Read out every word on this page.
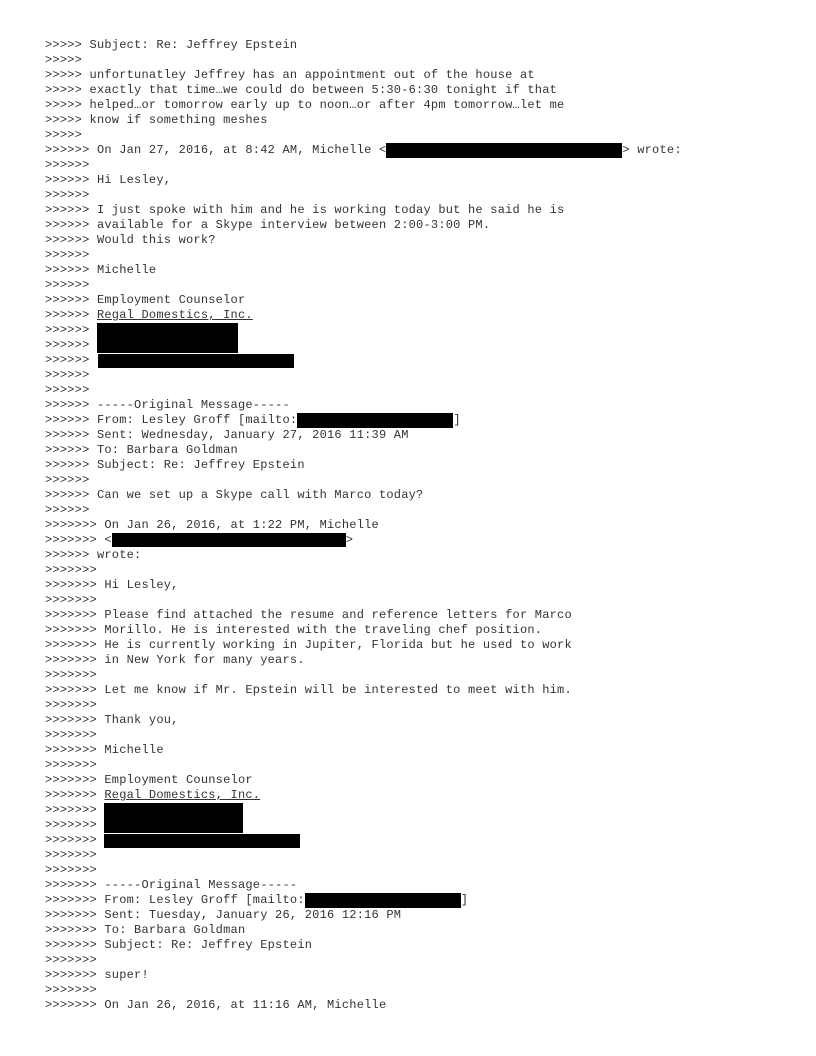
>>>>> Subject: Re: Jeffrey Epstein
>>>>>
>>>>> unfortunatley Jeffrey has an appointment out of the house at
>>>>> exactly that time…we could do between 5:30-6:30 tonight if that
>>>>> helped…or tomorrow early up to noon…or after 4pm tomorrow…let me
>>>>> know if something meshes
>>>>>
>>>>>> On Jan 27, 2016, at 8:42 AM, Michelle <	> wrote:
>>>>>>
>>>>>> Hi Lesley,
>>>>>>
>>>>>> I just spoke with him and he is working today but he said he is
>>>>>> available for a Skype interview between 2:00-3:00 PM.
>>>>>> Would this work?
>>>>>>
>>>>>> Michelle
>>>>>>
>>>>>> Employment Counselor
>>>>>> Regal Domestics, Inc.
>>>>>>
>>>>>>
>>>>>>
>>>>>>
>>>>>>
>>>>>> -----Original Message-----
>>>>>> From: Lesley Groff [mailto:	]
>>>>>> Sent: Wednesday, January 27, 2016 11:39 AM
>>>>>> To: Barbara Goldman
>>>>>> Subject: Re: Jeffrey Epstein
>>>>>>
>>>>>> Can we set up a Skype call with Marco today?
>>>>>>
>>>>>>> On Jan 26, 2016, at 1:22 PM, Michelle
>>>>>>> <	>
>>>>>> wrote:
>>>>>>>
>>>>>>> Hi Lesley,
>>>>>>>
>>>>>>> Please find attached the resume and reference letters for Marco
>>>>>>> Morillo. He is interested with the traveling chef position.
>>>>>>> He is currently working in Jupiter, Florida but he used to work
>>>>>>> in New York for many years.
>>>>>>>
>>>>>>> Let me know if Mr. Epstein will be interested to meet with him.
>>>>>>>
>>>>>>> Thank you,
>>>>>>>
>>>>>>> Michelle
>>>>>>>
>>>>>>> Employment Counselor
>>>>>>> Regal Domestics, Inc.
>>>>>>>
>>>>>>>
>>>>>>>
>>>>>>>
>>>>>>>
>>>>>>> -----Original Message-----
>>>>>>> From: Lesley Groff [mailto:	]
>>>>>>> Sent: Tuesday, January 26, 2016 12:16 PM
>>>>>>> To: Barbara Goldman
>>>>>>> Subject: Re: Jeffrey Epstein
>>>>>>>
>>>>>>> super!
>>>>>>>
>>>>>>> On Jan 26, 2016, at 11:16 AM, Michelle
